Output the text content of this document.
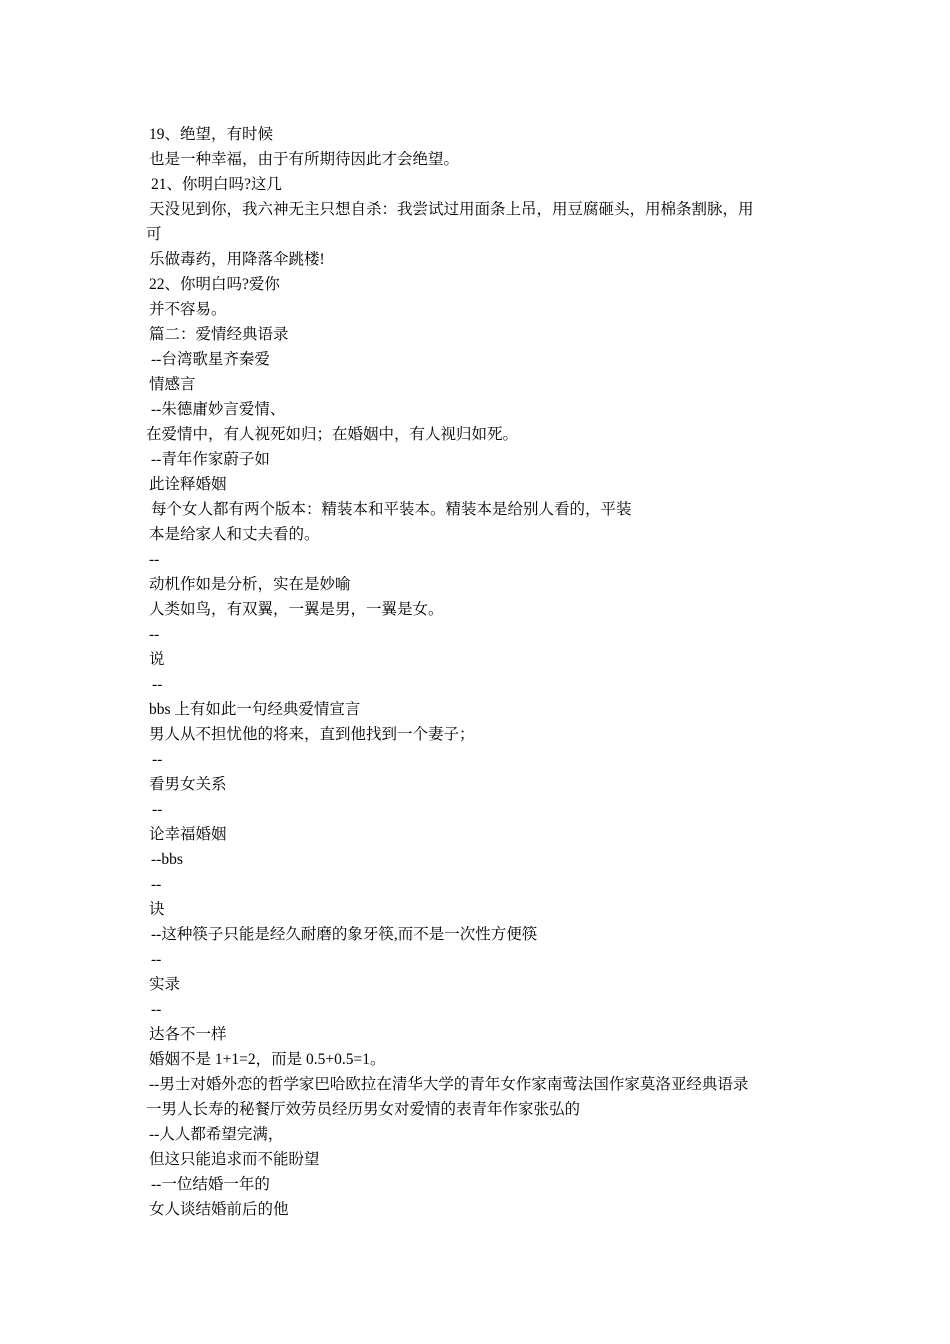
19、绝望，有时候
也是一种幸福，由于有所期待因此才会绝望。
21、你明白吗?这几
天没见到你，我六神无主只想自杀：我尝试过用面条上吊，用豆腐砸头，用棉条割脉，用
可
乐做毒药，用降落伞跳楼!
22、你明白吗?爱你
并不容易。
篇二：爱情经典语录
--台湾歌星齐秦爱
情感言
--朱德庸妙言爱情、
在爱情中，有人视死如归；在婚姻中，有人视归如死。
--青年作家蔚子如
此诠释婚姻
每个女人都有两个版本：精装本和平装本。精装本是给别人看的，平装
本是给家人和丈夫看的。
--
动机作如是分析，实在是妙喻
人类如鸟，有双翼，一翼是男，一翼是女。
--
说
--
bbs 上有如此一句经典爱情宣言
男人从不担忧他的将来，直到他找到一个妻子；
--
看男女关系
--
论幸福婚姻
--bbs
--
诀
--这种筷子只能是经久耐磨的象牙筷,而不是一次性方便筷
--
实录
--
达各不一样
婚姻不是 1+1=2，而是 0.5+0.5=1。
--男士对婚外恋的哲学家巴哈欧拉在清华大学的青年女作家南莺法国作家莫洛亚经典语录
一男人长寿的秘餐厅效劳员经历男女对爱情的表青年作家张弘的
--人人都希望完满，
但这只能追求而不能盼望
--一位结婚一年的
女人谈结婚前后的他
